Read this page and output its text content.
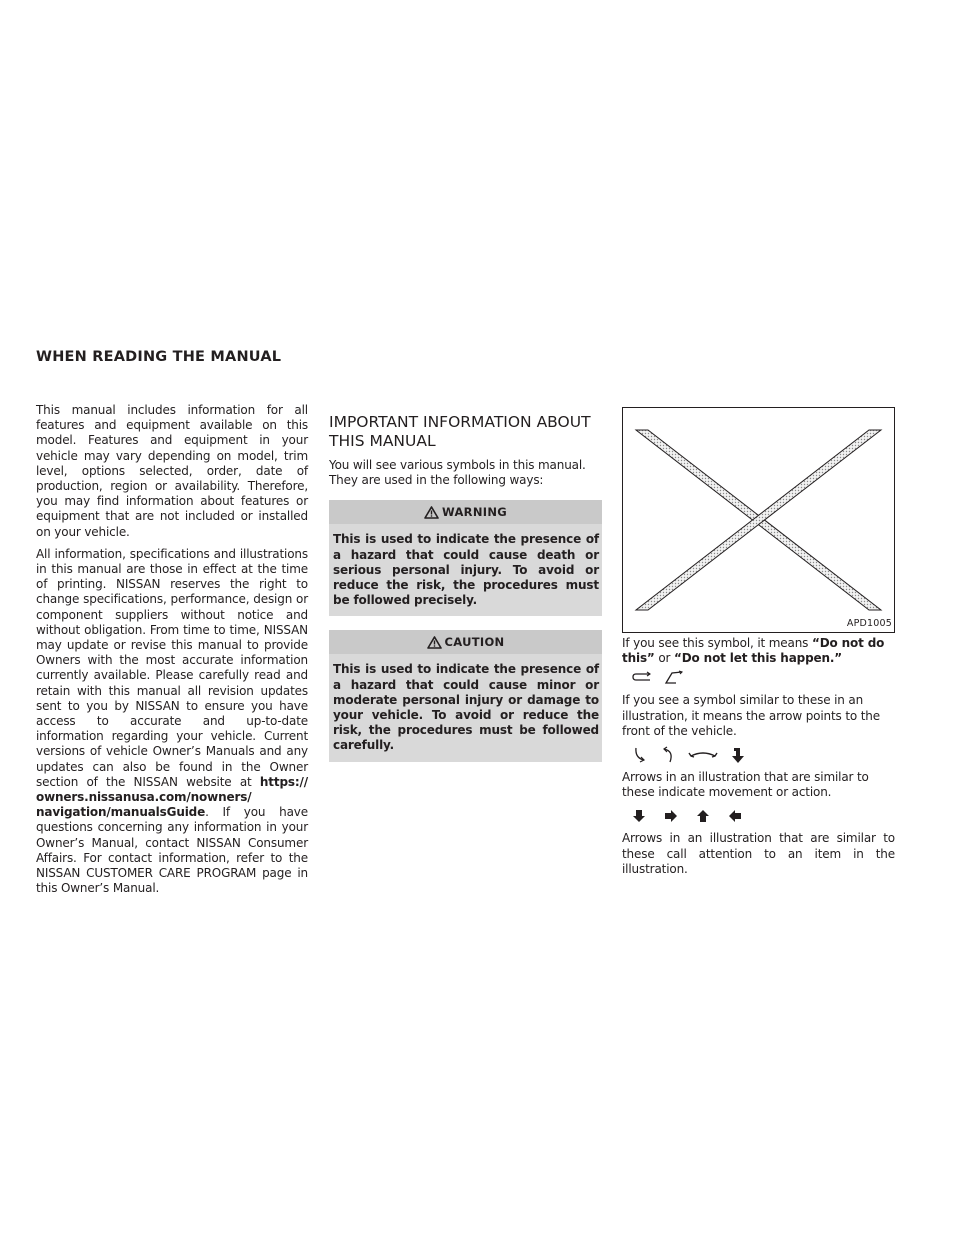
WHEN READING THE MANUAL

This manual includes information for all features and equipment available on this model. Features and equipment in your vehicle may vary depending on model, trim level, options selected, order, date of production, region or availability. Therefore, you may find information about features or equipment that are not included or installed on your vehicle.

All information, specifications and illustrations in this manual are those in effect at the time of printing. NISSAN reserves the right to change specifications, performance, design or component suppliers without notice and without obligation. From time to time, NISSAN may update or revise this manual to provide Owners with the most accurate information currently available. Please carefully read and retain with this manual all revision updates sent to you by NISSAN to ensure you have access to accurate and up-to-date information regarding your vehicle. Current versions of vehicle Owner’s Manuals and any updates can also be found in the Owner section of the NISSAN website at https:// owners.nissanusa.com/nowners/ navigation/manualsGuide. If you have questions concerning any information in your Owner’s Manual, contact NISSAN Consumer Affairs. For contact information, refer to the NISSAN CUSTOMER CARE PROGRAM page in this Owner’s Manual.

IMPORTANT INFORMATION ABOUT THIS MANUAL

You will see various symbols in this manual. They are used in the following ways:

WARNING
This is used to indicate the presence of a hazard that could cause death or serious personal injury. To avoid or reduce the risk, the procedures must be followed precisely.
CAUTION
This is used to indicate the presence of a hazard that could cause minor or moderate personal injury or damage to your vehicle. To avoid or reduce the risk, the procedures must be followed carefully.
APD1005

If you see this symbol, it means “Do not do this” or “Do not let this happen.”

If you see a symbol similar to these in an illustration, it means the arrow points to the front of the vehicle.

Arrows in an illustration that are similar to these indicate movement or action.

Arrows in an illustration that are similar to these call attention to an item in the illustration.
